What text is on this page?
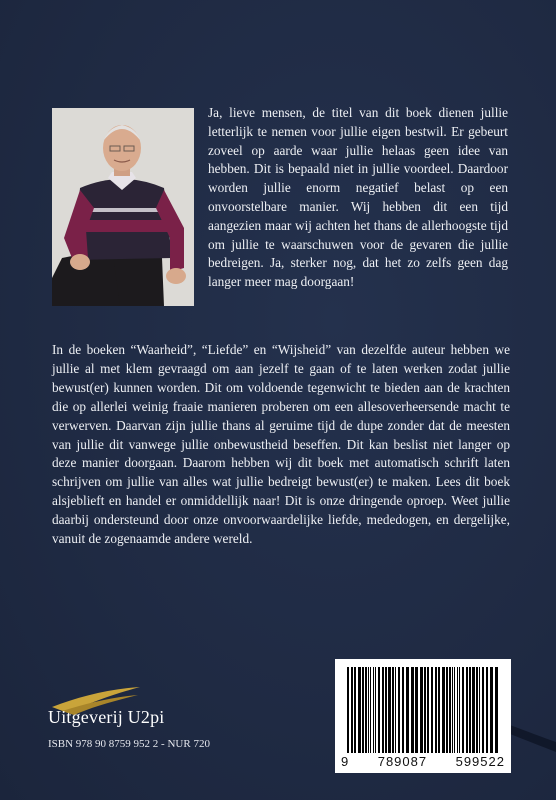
Ja, lieve mensen, de titel van dit boek dienen jullie letterlijk te nemen voor jullie eigen bestwil. Er gebeurt zoveel op aarde waar jullie helaas geen idee van hebben. Dit is bepaald niet in jullie voordeel. Daardoor worden jullie enorm negatief belast op een onvoorstelbare manier. Wij hebben dit een tijd aangezien maar wij achten het thans de allerhoogste tijd om jullie te waarschuwen voor de gevaren die jullie bedreigen. Ja, sterker nog, dat het zo zelfs geen dag langer meer mag doorgaan!

In de boeken “Waarheid”, “Liefde” en “Wijsheid” van dezelfde auteur hebben we jullie al met klem gevraagd om aan jezelf te gaan of te laten werken zodat jullie bewust(er) kunnen worden. Dit om voldoende tegenwicht te bieden aan de krachten die op allerlei weinig fraaie manieren proberen om een allesoverheersende macht te verwerven. Daarvan zijn jullie thans al geruime tijd de dupe zonder dat de meesten van jullie dit vanwege jullie onbewustheid beseffen. Dit kan beslist niet langer op deze manier doorgaan. Daarom hebben wij dit boek met automatisch schrift laten schrijven om jullie van alles wat jullie bedreigt bewust(er) te maken. Lees dit boek alsjeblieft en handel er onmiddellijk naar! Dit is onze dringende oproep. Weet jullie daarbij ondersteund door onze onvoorwaardelijke liefde, mededogen, en dergelijke, vanuit de zogenaamde andere wereld.

Uitgeverij U2pi
ISBN 978 90 8759 952 2 - NUR 720
9 789087 599522
